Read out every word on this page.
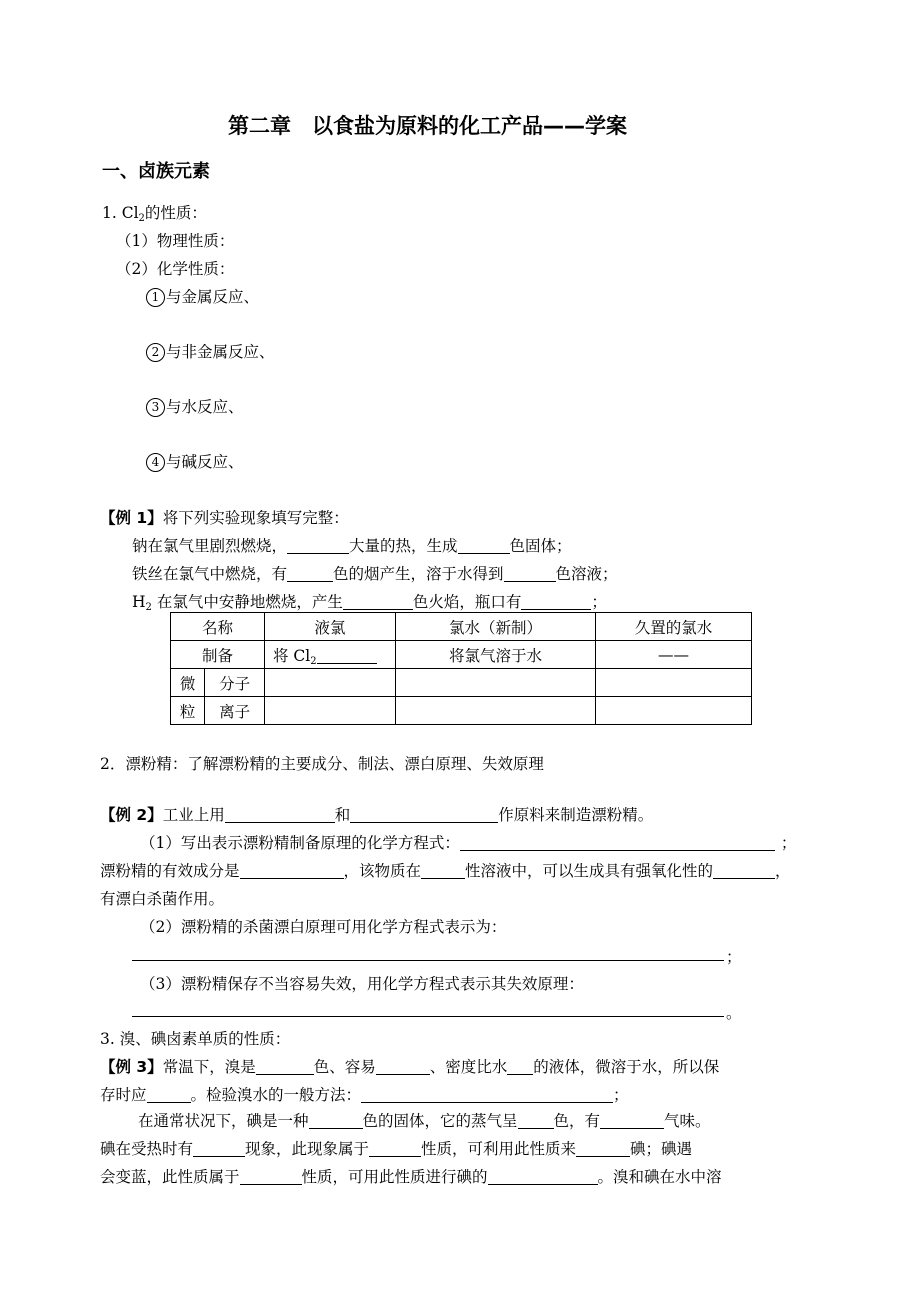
第二章　以食盐为原料的化工产品——学案
一、卤族元素
1. $Cl_2$的性质：
（1）物理性质：
（2）化学性质：
1 与金属反应、
2 与非金属反应、
3 与水反应、
4 与碱反应、
【例 1】将下列实验现象填写完整：
钠在氯气里剧烈燃烧，	大量的热，生成	色固体；
铁丝在氯气中燃烧，有	色的烟产生，溶于水得到	色溶液；
$H_2$ 在氯气中安静地燃烧，产生	色火焰，瓶口有	；
名称		液氯	氯水（新制）	久置的氯水
制备		将 $Cl_2$	将氯气溶于水	——
微	分子			
粒	离子			
2．漂粉精：了解漂粉精的主要成分、制法、漂白原理、失效原理
【例 2】工业上用	和	作原料来制造漂粉精。
（1）写出表示漂粉精制备原理的化学方程式：	；
漂粉精的有效成分是	，该物质在	性溶液中，可以生成具有强氧化性的	，
有漂白杀菌作用。
（2）漂粉精的杀菌漂白原理可用化学方程式表示为：
；
（3）漂粉精保存不当容易失效，用化学方程式表示其失效原理：
。
3. 溴、碘卤素单质的性质：
【例 3】常温下，溴是	色、容易	、密度比水 的液体，微溶于水，所以保
存时应	。检验溴水的一般方法：	；
在通常状况下，碘是一种	色的固体，它的蒸气呈 色，有	气味。
碘在受热时有	现象，此现象属于	性质，可利用此性质来	碘；碘遇
会变蓝，此性质属于	性质，可用此性质进行碘的	。溴和碘在水中溶
